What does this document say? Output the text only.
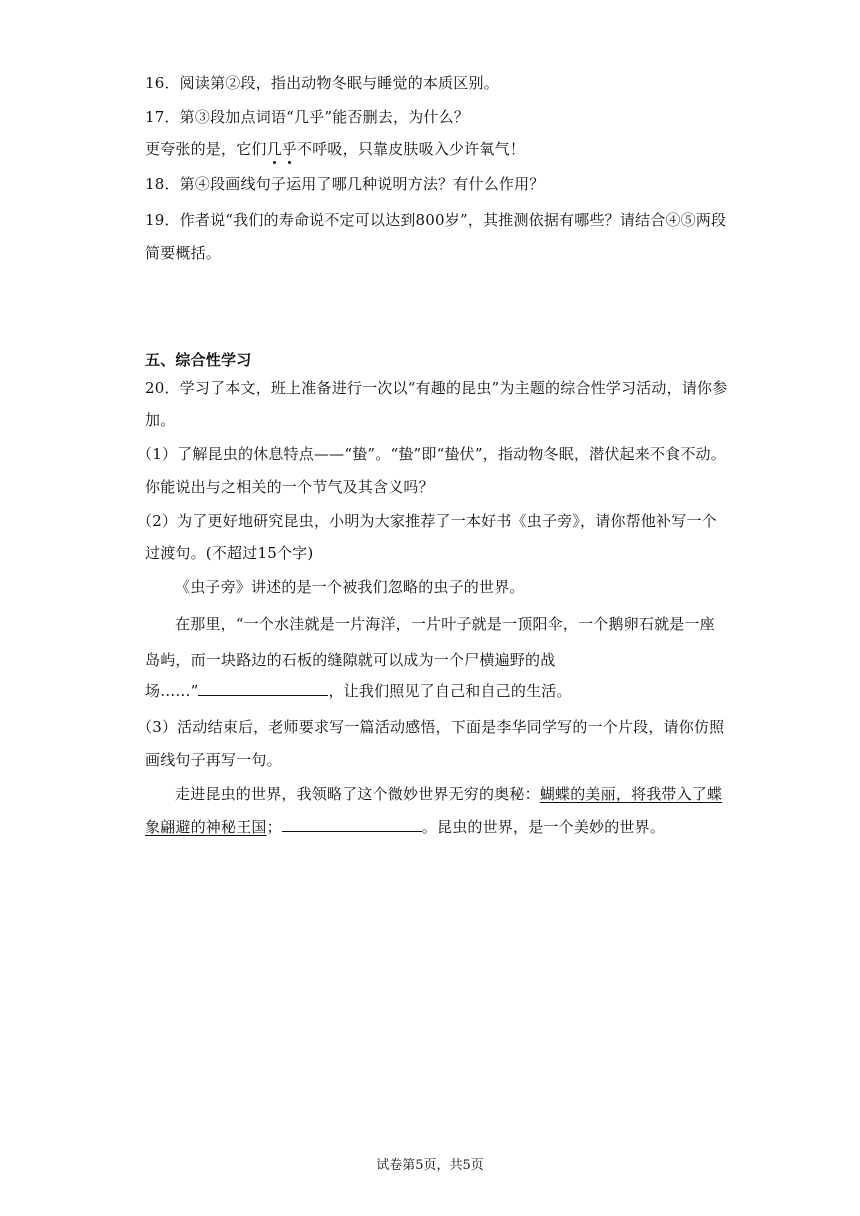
16．阅读第②段，指出动物冬眠与睡觉的本质区别。
17．第③段加点词语“几乎”能否删去，为什么？
更夸张的是，它们几乎
不呼吸，只靠皮肤吸入少许氧气！
18．第④段画线句子运用了哪几种说明方法？有什么作用？
19．作者说“我们的寿命说不定可以达到800岁”，其推测依据有哪些？请结合④⑤两段
简要概括。
五、综合性学习
20．学习了本文，班上准备进行一次以“有趣的昆虫”为主题的综合性学习活动，请你参
加。
（1）了解昆虫的休息特点——“蛰”。“蛰”即“蛰伏”，指动物冬眠，潜伏起来不食不动。
你能说出与之相关的一个节气及其含义吗？
（2）为了更好地研究昆虫，小明为大家推荐了一本好书《虫子旁》，请你帮他补写一个
过渡句。(不超过15个字)
《虫子旁》讲述的是一个被我们忽略的虫子的世界。
在那里，“一个水洼就是一片海洋，一片叶子就是一顶阳伞，一个鹅卵石就是一座
岛屿，而一块路边的石板的缝隙就可以成为一个尸横遍野的战
场……”	，让我们照见了自己和自己的生活。
（3）活动结束后，老师要求写一篇活动感悟，下面是李华同学写的一个片段，请你仿照
画线句子再写一句。
走进昆虫的世界，我领略了这个微妙世界无穷的奥秘：蝴蝶的美丽，将我带入了蝶
象翩避的神秘王国；	。昆虫的世界，是一个美妙的世界。
试卷第5页，共5页
